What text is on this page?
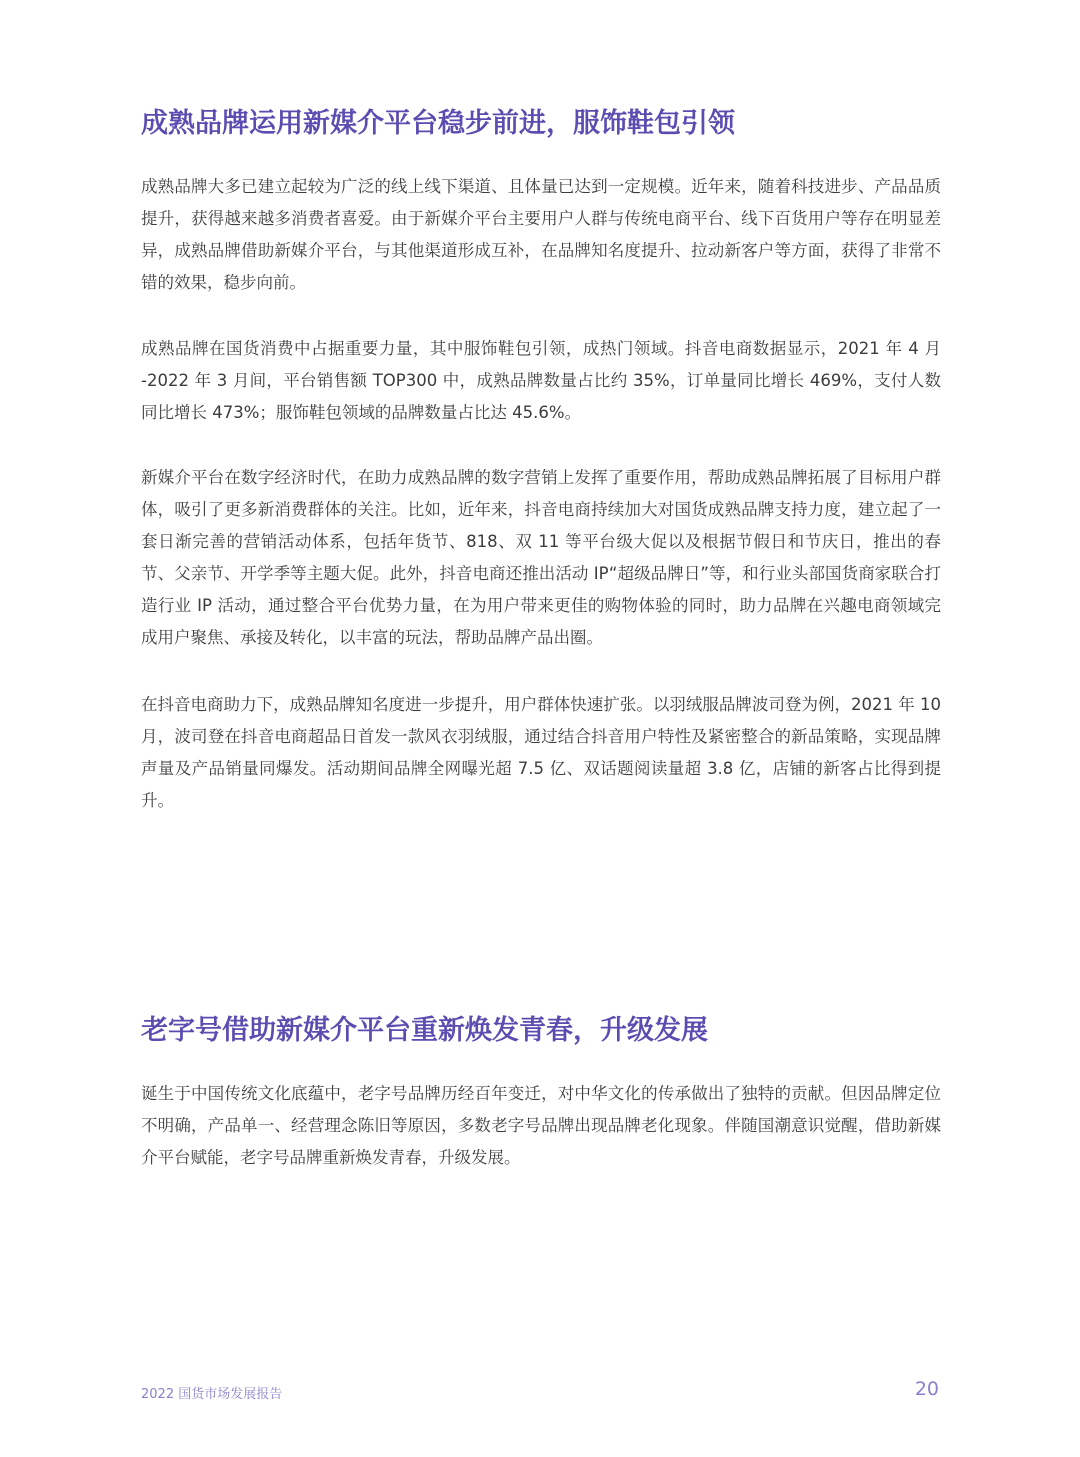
成熟品牌运用新媒介平台稳步前进，服饰鞋包引领

成熟品牌大多已建立起较为广泛的线上线下渠道、且体量已达到一定规模。近年来，随着科技进步、产品品质提升，获得越来越多消费者喜爱。由于新媒介平台主要用户人群与传统电商平台、线下百货用户等存在明显差异，成熟品牌借助新媒介平台，与其他渠道形成互补，在品牌知名度提升、拉动新客户等方面，获得了非常不错的效果，稳步向前。

成熟品牌在国货消费中占据重要力量，其中服饰鞋包引领，成热门领域。抖音电商数据显示，2021 年 4 月 -2022 年 3 月间，平台销售额 TOP300 中，成熟品牌数量占比约 35%，订单量同比增长 469%，支付人数同比增长 473%；服饰鞋包领域的品牌数量占比达 45.6%。

新媒介平台在数字经济时代，在助力成熟品牌的数字营销上发挥了重要作用，帮助成熟品牌拓展了目标用户群体，吸引了更多新消费群体的关注。比如，近年来，抖音电商持续加大对国货成熟品牌支持力度，建立起了一套日渐完善的营销活动体系，包括年货节、818、双 11 等平台级大促以及根据节假日和节庆日，推出的春节、父亲节、开学季等主题大促。此外，抖音电商还推出活动 IP“超级品牌日”等，和行业头部国货商家联合打造行业 IP 活动，通过整合平台优势力量，在为用户带来更佳的购物体验的同时，助力品牌在兴趣电商领域完成用户聚焦、承接及转化，以丰富的玩法，帮助品牌产品出圈。

在抖音电商助力下，成熟品牌知名度进一步提升，用户群体快速扩张。以羽绒服品牌波司登为例，2021 年 10 月，波司登在抖音电商超品日首发一款风衣羽绒服，通过结合抖音用户特性及紧密整合的新品策略，实现品牌声量及产品销量同爆发。活动期间品牌全网曝光超 7.5 亿、双话题阅读量超 3.8 亿，店铺的新客占比得到提升。

老字号借助新媒介平台重新焕发青春，升级发展

诞生于中国传统文化底蕴中，老字号品牌历经百年变迁，对中华文化的传承做出了独特的贡献。但因品牌定位不明确，产品单一、经营理念陈旧等原因，多数老字号品牌出现品牌老化现象。伴随国潮意识觉醒，借助新媒介平台赋能，老字号品牌重新焕发青春，升级发展。

2022 国货市场发展报告	20
